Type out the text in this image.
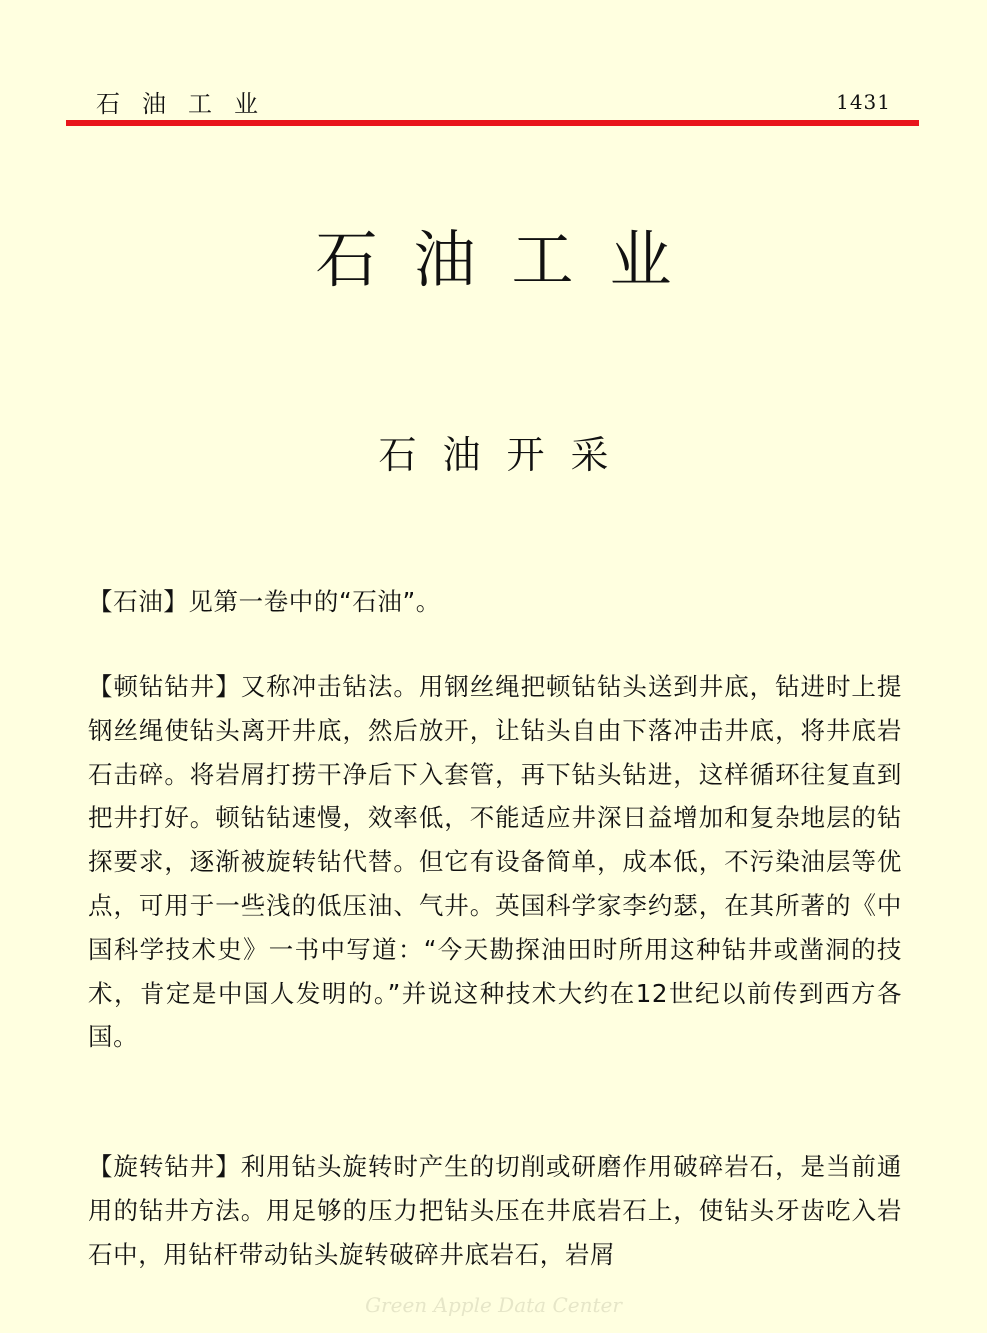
石油工业	1431
石油工业
石油开采
【石油】见第一卷中的“石油”。
【顿钻钻井】又称冲击钻法。用钢丝绳把顿钻钻头送到井底，钻进时上提钢丝绳使钻头离开井底，然后放开，让钻头自由下落冲击井底，将井底岩石击碎。将岩屑打捞干净后下入套管，再下钻头钻进，这样循环往复直到把井打好。顿钻钻速慢，效率低，不能适应井深日益增加和复杂地层的钻探要求，逐渐被旋转钻代替。但它有设备简单，成本低，不污染油层等优点，可用于一些浅的低压油、气井。英国科学家李约瑟，在其所著的《中国科学技术史》一书中写道：“今天勘探油田时所用这种钻井或凿洞的技术，肯定是中国人发明的。”并说这种技术大约在12世纪以前传到西方各国。
【旋转钻井】利用钻头旋转时产生的切削或研磨作用破碎岩石，是当前通用的钻井方法。用足够的压力把钻头压在井底岩石上，使钻头牙齿吃入岩石中，用钻杆带动钻头旋转破碎井底岩石，岩屑
Green Apple Data Center
